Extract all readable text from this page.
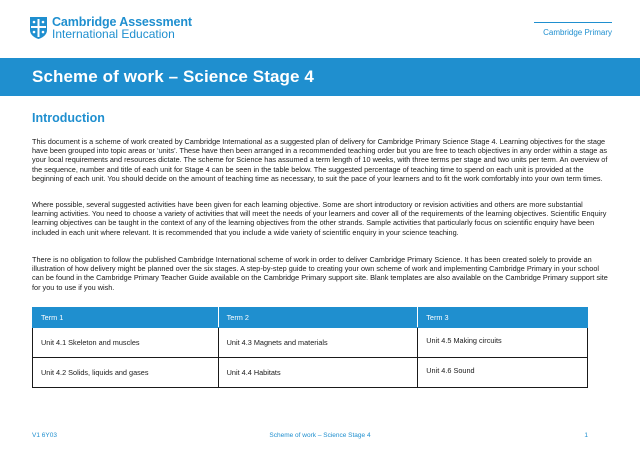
Cambridge Assessment
International Education	Cambridge Primary
Scheme of work – Science Stage 4
Introduction

This document is a scheme of work created by Cambridge International as a suggested plan of delivery for Cambridge Primary Science Stage 4. Learning objectives for the stage have been grouped into topic areas or ‘units’. These have then been arranged in a recommended teaching order but you are free to teach objectives in any order within a stage as your local requirements and resources dictate. The scheme for Science has assumed a term length of 10 weeks, with three terms per stage and two units per term. An overview of the sequence, number and title of each unit for Stage 4 can be seen in the table below. The suggested percentage of teaching time to spend on each unit is provided at the beginning of each unit. You should decide on the amount of teaching time as necessary, to suit the pace of your learners and to fit the work comfortably into your own term times.

Where possible, several suggested activities have been given for each learning objective. Some are short introductory or revision activities and others are more substantial learning activities. You need to choose a variety of activities that will meet the needs of your learners and cover all of the requirements of the learning objectives. Scientific Enquiry learning objectives can be taught in the context of any of the learning objectives from the other strands. Sample activities that particularly focus on scientific enquiry have been included in each unit where relevant. It is recommended that you include a wide variety of scientific enquiry in your science teaching.

There is no obligation to follow the published Cambridge International scheme of work in order to deliver Cambridge Primary Science. It has been created solely to provide an illustration of how delivery might be planned over the six stages. A step-by-step guide to creating your own scheme of work and implementing Cambridge Primary in your school can be found in the Cambridge Primary Teacher Guide available on the Cambridge Primary support site. Blank templates are also available on the Cambridge Primary support site for you to use if you wish.

Term 1	Term 2	Term 3
Unit 4.1 Skeleton and muscles	Unit 4.3 Magnets and materials	Unit 4.5 Making circuits
Unit 4.2 Solids, liquids and gases	Unit 4.4 Habitats	Unit 4.6 Sound
V1 6Y03	Scheme of work – Science Stage 4	1
